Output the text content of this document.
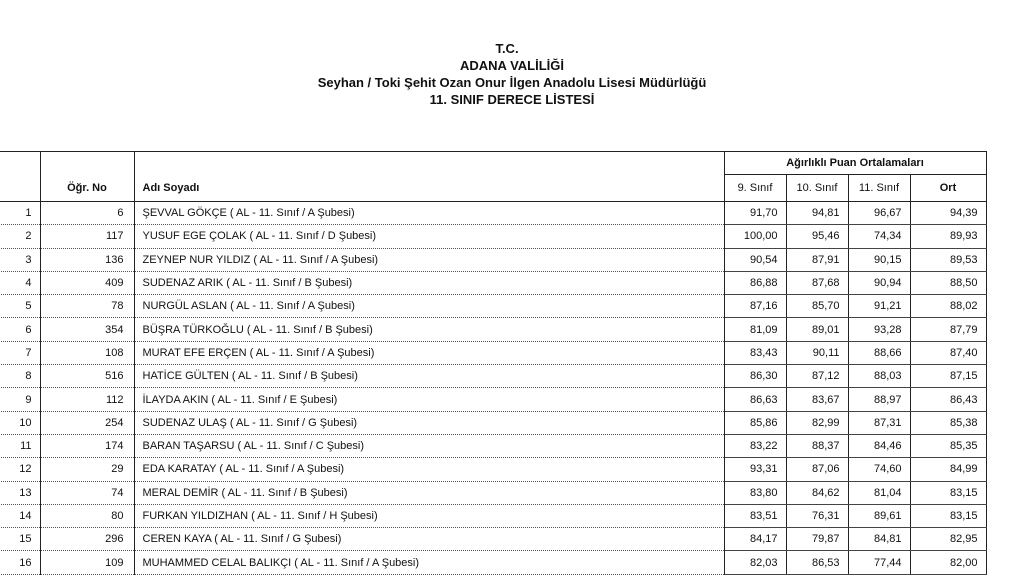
T.C.
ADANA VALİLİĞİ
Seyhan / Toki Şehit Ozan Onur İlgen Anadolu Lisesi Müdürlüğü
11. SINIF DERECE LİSTESİ
			Ağırlıklı Puan Ortalamaları			
	Öğr. No	Adı Soyadı	9. Sınıf	10. Sınıf	11. Sınıf	Ort
1	6	ŞEVVAL GÖKÇE ( AL - 11. Sınıf / A Şubesi)	91,70	94,81	96,67	94,39
2	117	YUSUF EGE ÇOLAK ( AL - 11. Sınıf / D Şubesi)	100,00	95,46	74,34	89,93
3	136	ZEYNEP NUR YILDIZ ( AL - 11. Sınıf / A Şubesi)	90,54	87,91	90,15	89,53
4	409	SUDENAZ ARIK ( AL - 11. Sınıf / B Şubesi)	86,88	87,68	90,94	88,50
5	78	NURGÜL ASLAN ( AL - 11. Sınıf / A Şubesi)	87,16	85,70	91,21	88,02
6	354	BÜŞRA TÜRKOĞLU ( AL - 11. Sınıf / B Şubesi)	81,09	89,01	93,28	87,79
7	108	MURAT EFE ERÇEN ( AL - 11. Sınıf / A Şubesi)	83,43	90,11	88,66	87,40
8	516	HATİCE GÜLTEN ( AL - 11. Sınıf / B Şubesi)	86,30	87,12	88,03	87,15
9	112	İLAYDA AKIN ( AL - 11. Sınıf / E Şubesi)	86,63	83,67	88,97	86,43
10	254	SUDENAZ ULAŞ ( AL - 11. Sınıf / G Şubesi)	85,86	82,99	87,31	85,38
11	174	BARAN TAŞARSU ( AL - 11. Sınıf / C Şubesi)	83,22	88,37	84,46	85,35
12	29	EDA KARATAY ( AL - 11. Sınıf / A Şubesi)	93,31	87,06	74,60	84,99
13	74	MERAL DEMİR ( AL - 11. Sınıf / B Şubesi)	83,80	84,62	81,04	83,15
14	80	FURKAN YILDIZHAN ( AL - 11. Sınıf / H Şubesi)	83,51	76,31	89,61	83,15
15	296	CEREN KAYA ( AL - 11. Sınıf / G Şubesi)	84,17	79,87	84,81	82,95
16	109	MUHAMMED CELAL BALIKÇI ( AL - 11. Sınıf / A Şubesi)	82,03	86,53	77,44	82,00
